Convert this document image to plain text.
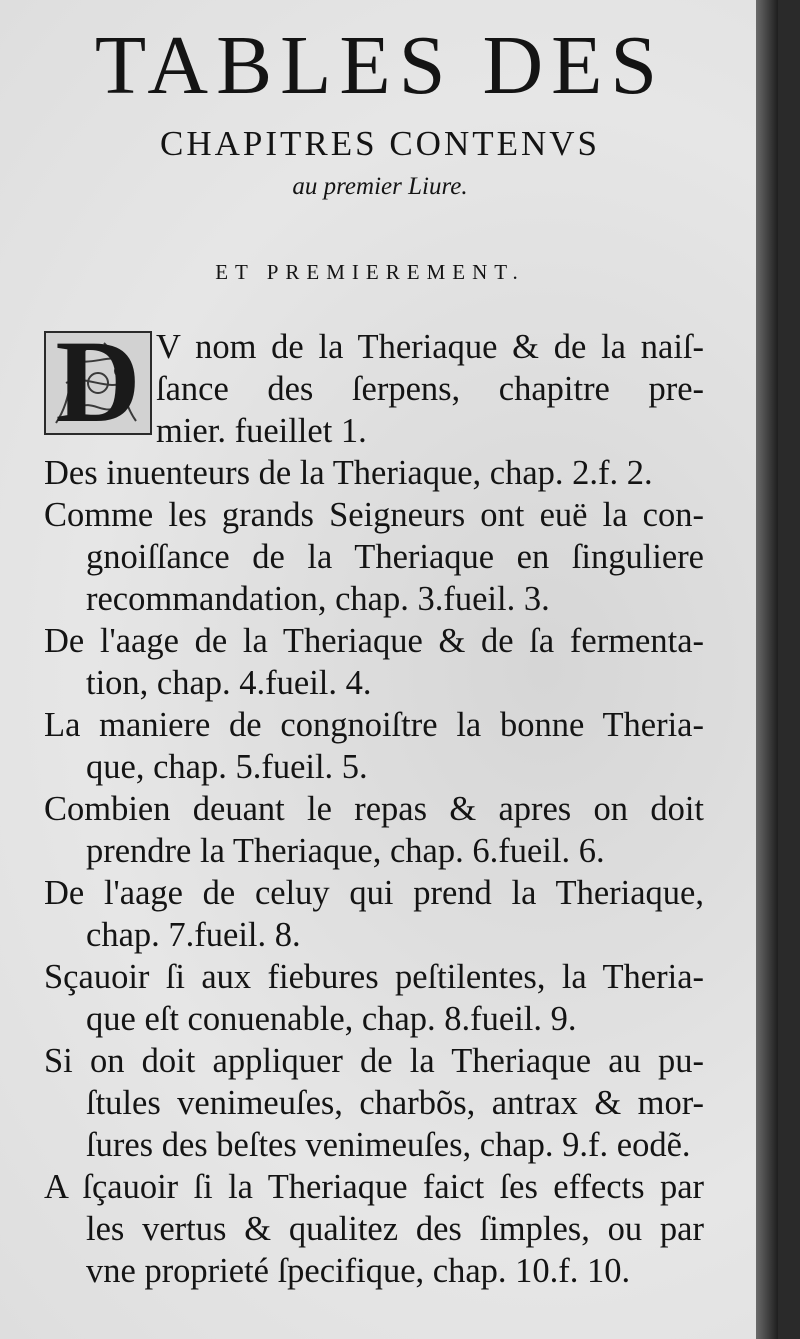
TABLES DES
CHAPITRES CONTENVS
au premier Liure.
ET PREMIEREMENT.
D V nom de la Theriaque & de la naiſ-
ſance des ſerpens, chapitre pre-
mier. fueillet 1.
Des inuenteurs de la Theriaque, chap. 2.f. 2.
Comme les grands Seigneurs ont euë la con-
gnoiſſance de la Theriaque en ſinguliere
recommandation, chap. 3.fueil. 3.
De l'aage de la Theriaque & de ſa fermenta-
tion, chap. 4.fueil. 4.
La maniere de congnoiſtre la bonne Theria-
que, chap. 5.fueil. 5.
Combien deuant le repas & apres on doit
prendre la Theriaque, chap. 6.fueil. 6.
De l'aage de celuy qui prend la Theriaque,
chap. 7.fueil. 8.
Sçauoir ſi aux fiebures peſtilentes, la Theria-
que eſt conuenable, chap. 8.fueil. 9.
Si on doit appliquer de la Theriaque au pu-
ſtules venimeuſes, charbõs, antrax & mor-
ſures des beſtes venimeuſes, chap. 9.f. eodẽ.
A ſçauoir ſi la Theriaque faict ſes effects par
les vertus & qualitez des ſimples, ou par
vne proprieté ſpecifique, chap. 10.f. 10.
